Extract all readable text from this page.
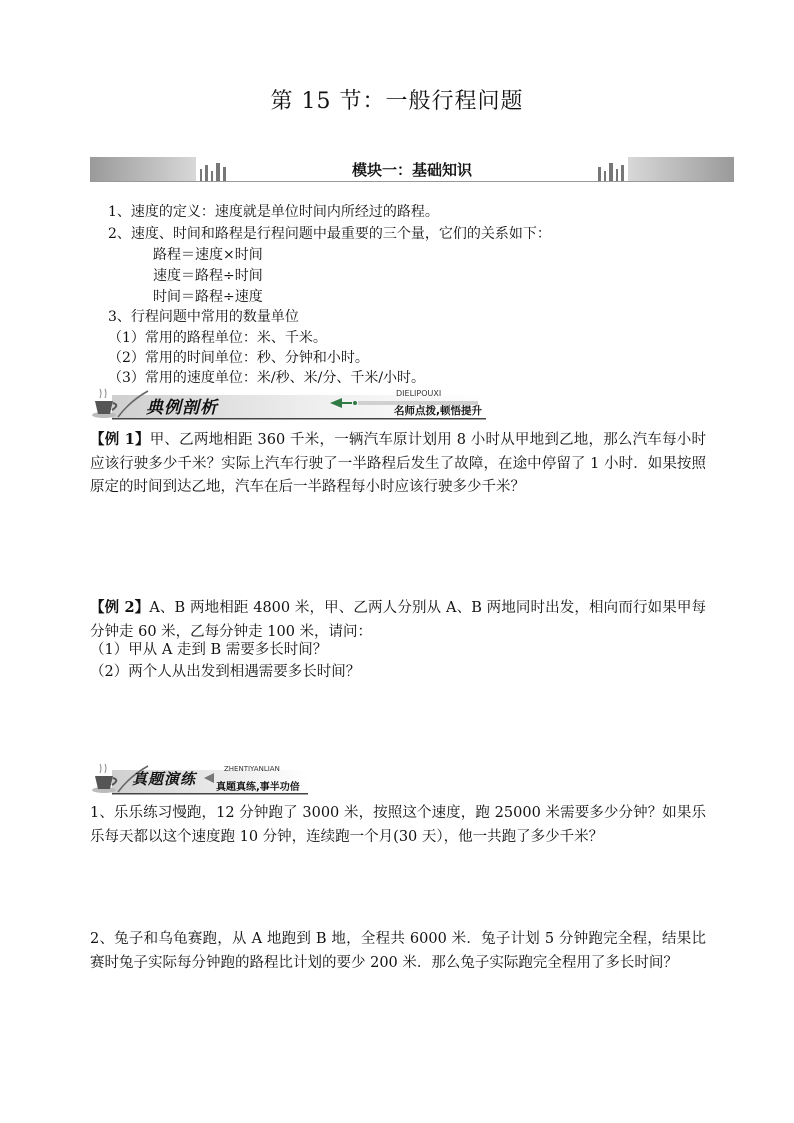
第 15 节：一般行程问题
模块一：基础知识
1、速度的定义：速度就是单位时间内所经过的路程。
2、速度、时间和路程是行程问题中最重要的三个量，它们的关系如下：
路程＝速度×时间
速度＝路程÷时间
时间＝路程÷速度
3、行程问题中常用的数量单位
（1）常用的路程单位：米、千米。
（2）常用的时间单位：秒、分钟和小时。
（3）常用的速度单位：米/秒、米/分、千米/小时。
典例剖析
DIELIPOUXI
名师点拨,顿悟提升
【例 1】甲、乙两地相距 360 千米，一辆汽车原计划用 8 小时从甲地到乙地，那么汽车每小时应该行驶多少千米？实际上汽车行驶了一半路程后发生了故障，在途中停留了 1 小时．如果按照原定的时间到达乙地，汽车在后一半路程每小时应该行驶多少千米？
【例 2】A、B 两地相距 4800 米，甲、乙两人分别从 A、B 两地同时出发，相向而行如果甲每分钟走 60 米，乙每分钟走 100 米，请问：
（1）甲从 A 走到 B 需要多长时间？
（2）两个人从出发到相遇需要多长时间？
真题演练
ZHENTIYANLIAN
真题真练,事半功倍
1、乐乐练习慢跑，12 分钟跑了 3000 米，按照这个速度，跑 25000 米需要多少分钟？如果乐乐每天都以这个速度跑 10 分钟，连续跑一个月(30 天），他一共跑了多少千米？
2、兔子和乌龟赛跑，从 A 地跑到 B 地，全程共 6000 米．兔子计划 5 分钟跑完全程，结果比赛时兔子实际每分钟跑的路程比计划的要少 200 米．那么兔子实际跑完全程用了多长时间？
